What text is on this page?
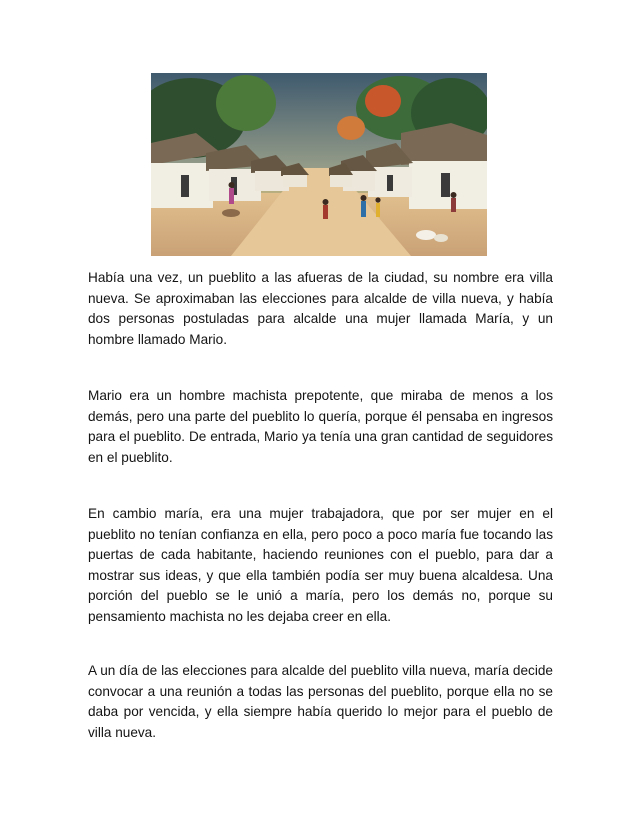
Había una vez, un pueblito a las afueras de la ciudad, su nombre era villa nueva. Se aproximaban las elecciones para alcalde de villa nueva, y había dos personas postuladas para alcalde una mujer llamada María, y un hombre llamado Mario.

Mario era un hombre machista prepotente, que miraba de menos a los demás, pero una parte del pueblito lo quería, porque él pensaba en ingresos para el pueblito. De entrada, Mario ya tenía una gran cantidad de seguidores en el pueblito.

En cambio maría, era una mujer trabajadora, que por ser mujer en el pueblito no tenían confianza en ella, pero poco a poco maría fue tocando las puertas de cada habitante, haciendo reuniones con el pueblo, para dar a mostrar sus ideas, y que ella también podía ser muy buena alcaldesa. Una porción del pueblo se le unió a maría, pero los demás no, porque su pensamiento machista no les dejaba creer en ella.

A un día de las elecciones para alcalde del pueblito villa nueva, maría decide convocar a una reunión a todas las personas del pueblito, porque ella no se daba por vencida, y ella siempre había querido lo mejor para el pueblo de villa nueva.
